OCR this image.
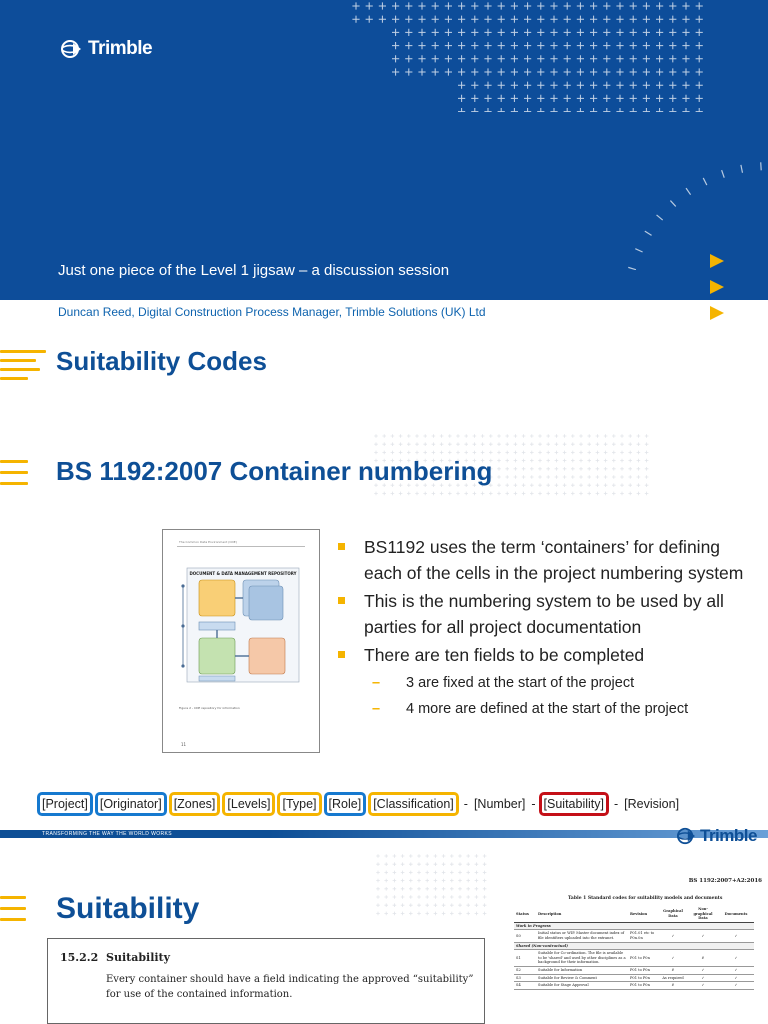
Trimble
Just one piece of the Level 1 jigsaw – a discussion session
Duncan Reed, Digital Construction Process Manager, Trimble Solutions (UK) Ltd
Suitability Codes
BS 1192:2007 Container numbering
The Common Data Environment (CDE)
DOCUMENT & DATA MANAGEMENT REPOSITORY
Figure 2 - CDE repository for information
11
BS1192 uses the term ‘containers’ for defining each of the cells in the project numbering system
This is the numbering system to be used by all parties for all project documentation
There are ten fields to be completed
– 3 are fixed at the start of the project
– 4 more are defined at the start of the project
[Project] [Originator] [Zones] [Levels] [Type] [Role] [Classification] - [Number] - [Suitability] - [Revision]
TRANSFORMING THE WAY THE WORLD WORKS	Trimble
Suitability
15.2.2 Suitability
Every container should have a field indicating the approved “suitability” for use of the contained information.
BS 1192:2007+A2:2016
Table 1 Standard codes for suitability models and documents
Status	Description	Revision	Graphical Data	Non-graphical Data	Documents
Work in Progress					
S0	Initial status or WIP. Master document index of file identifiers uploaded into the extranet.	P01.01 etc to P0n.0n	✓	✓	✓
Shared (Non-contractual)					
S1	Suitable for Co-ordination. The file is available to be 'shared' and used by other disciplines as a background for their information.	P01 to P0n	✓	✗	✓
S2	Suitable for Information	P01 to P0n	✗	✓	✓
S3	Suitable for Review & Comment	P01 to P0n	As required	✓	✓
S4	Suitable for Stage Approval	P01 to P0n	✗	✓	✓
